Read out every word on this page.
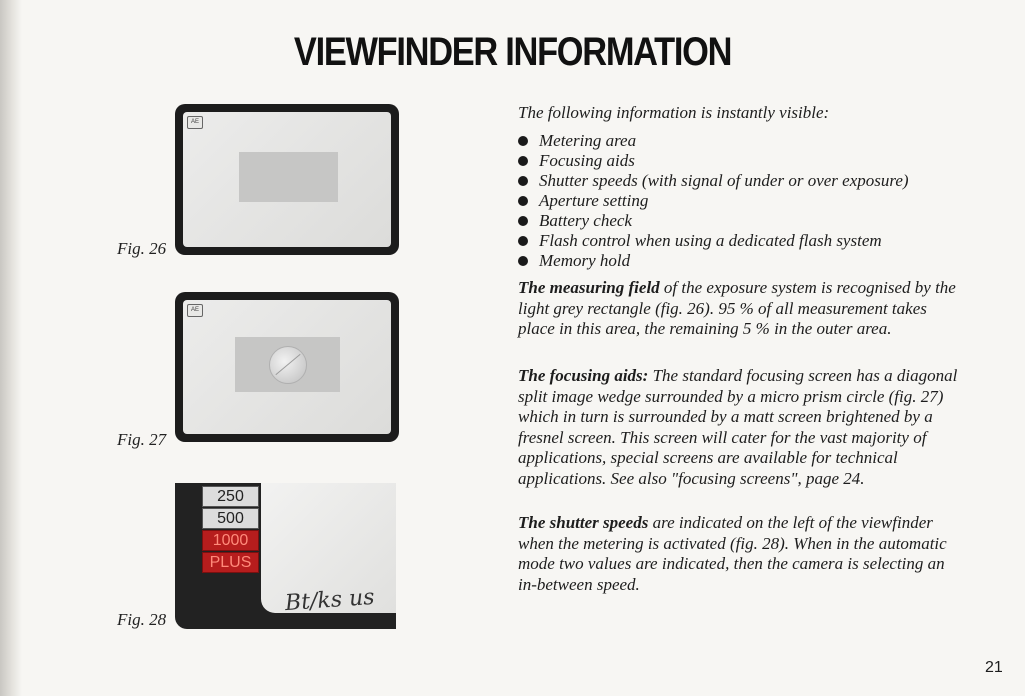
VIEWFINDER INFORMATION
Fig. 26
AE
Fig. 27
AE
Fig. 28
250
500
1000
PLUS
Bt/ks us
The following information is instantly visible:
Metering area
Focusing aids
Shutter speeds (with signal of under or over exposure)
Aperture setting
Battery check
Flash control when using a dedicated flash system
Memory hold
The measuring field of the exposure system is recognised by the light grey rectangle (fig. 26). 95 % of all measurement takes place in this area, the remaining 5 % in the outer area.
The focusing aids: The standard focusing screen has a diagonal split image wedge surrounded by a micro prism circle (fig. 27) which in turn is surrounded by a matt screen brightened by a fresnel screen. This screen will cater for the vast majority of applications, special screens are available for technical applications. See also "focusing screens", page 24.
The shutter speeds are indicated on the left of the viewfinder when the metering is activated (fig. 28). When in the automatic mode two values are indicated, then the camera is selecting an in-between speed.
21
